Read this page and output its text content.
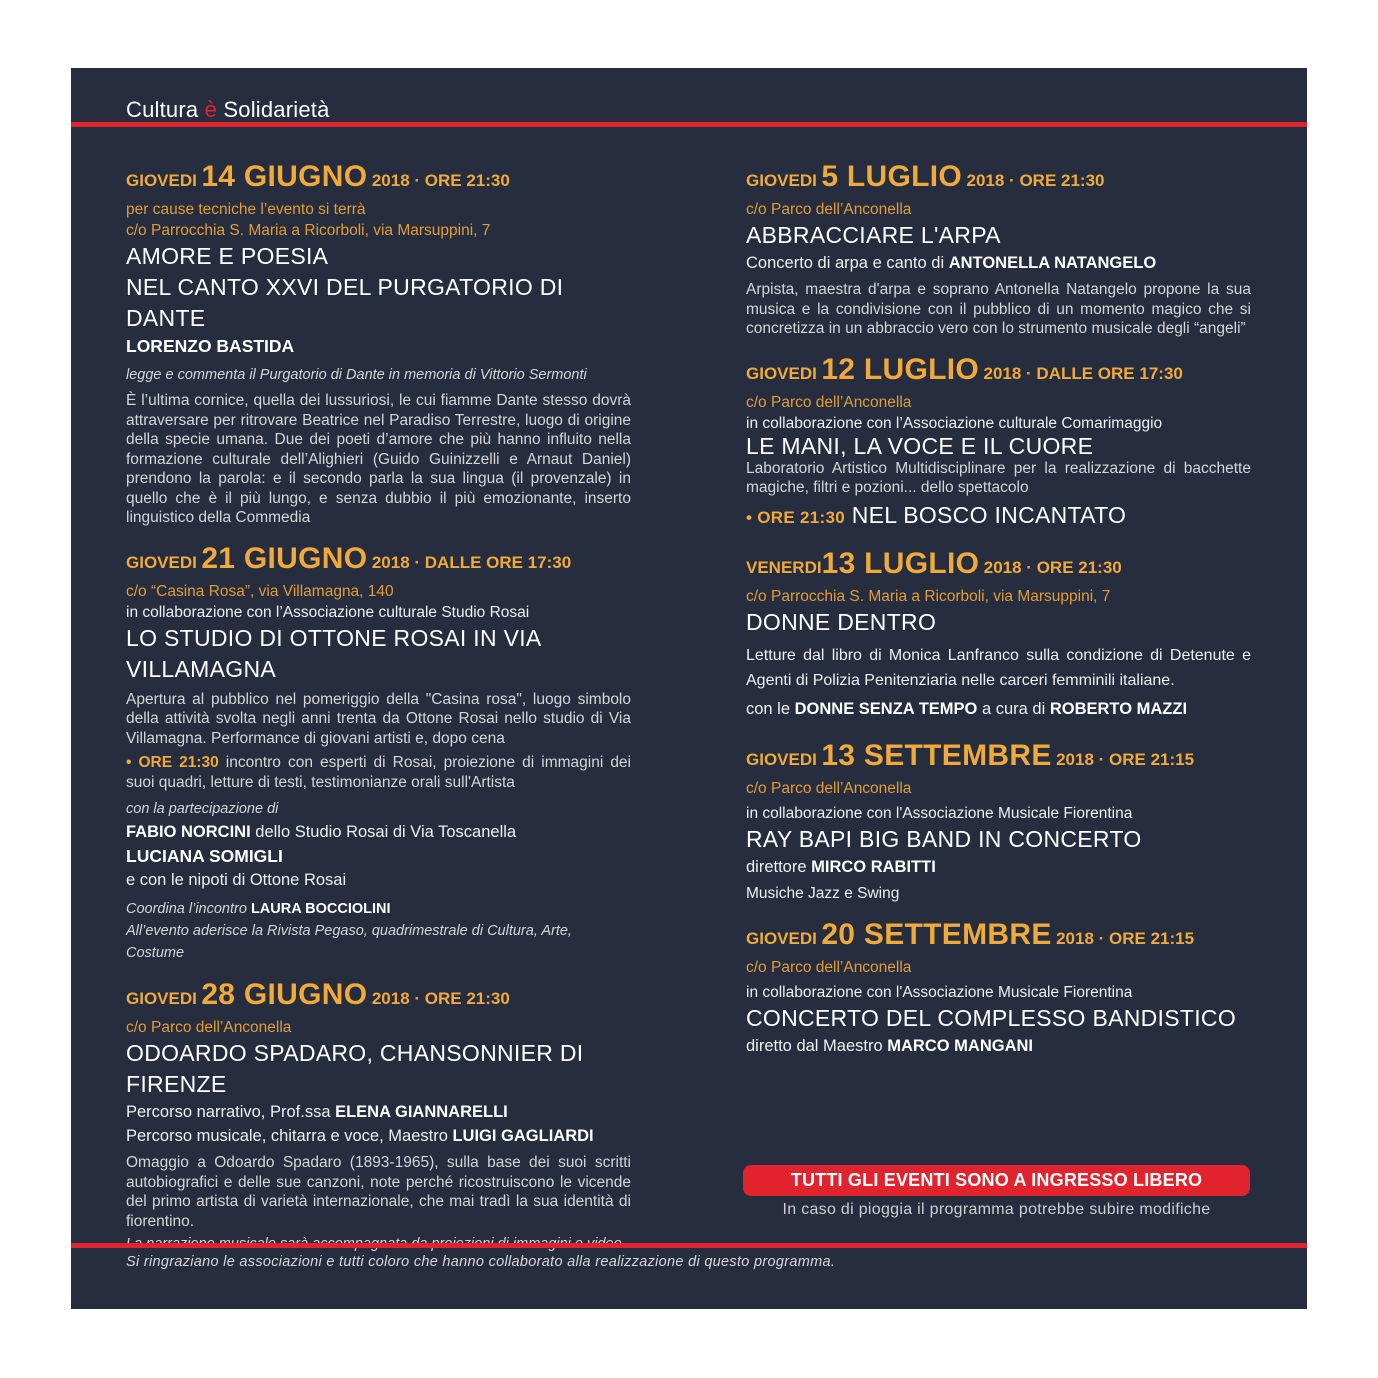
Cultura è Solidarietà
GIOVEDI 14 GIUGNO 2018 · ORE 21:30
per cause tecniche l’evento si terrà
c/o Parrocchia S. Maria a Ricorboli, via Marsuppini, 7
AMORE E POESIA
NEL CANTO XXVI DEL PURGATORIO DI DANTE
LORENZO BASTIDA
legge e commenta il Purgatorio di Dante in memoria di Vittorio Sermonti
È l’ultima cornice, quella dei lussuriosi, le cui fiamme Dante stesso dovrà attraversare per ritrovare Beatrice nel Paradiso Terrestre, luogo di origine della specie umana. Due dei poeti d’amore che più hanno influito nella formazione culturale dell’Alighieri (Guido Guinizzelli e Arnaut Daniel) prendono la parola: e il secondo parla la sua lingua (il provenzale) in quello che è il più lungo, e senza dubbio il più emozionante, inserto linguistico della Commedia
GIOVEDI 21 GIUGNO 2018 · DALLE ORE 17:30
c/o “Casina Rosa”, via Villamagna, 140
in collaborazione con l’Associazione culturale Studio Rosai
LO STUDIO DI OTTONE ROSAI IN VIA VILLAMAGNA
Apertura al pubblico nel pomeriggio della "Casina rosa", luogo simbolo della attività svolta negli anni trenta da Ottone Rosai nello studio di Via Villamagna. Performance di giovani artisti e, dopo cena
• ORE 21:30 incontro con esperti di Rosai, proiezione di immagini dei suoi quadri, letture di testi, testimonianze orali sull'Artista
con la partecipazione di
FABIO NORCINI dello Studio Rosai di Via Toscanella
LUCIANA SOMIGLI
e con le nipoti di Ottone Rosai
Coordina l’incontro LAURA BOCCIOLINI
All’evento aderisce la Rivista Pegaso, quadrimestrale di Cultura, Arte, Costume
GIOVEDI 28 GIUGNO 2018 · ORE 21:30
c/o Parco dell’Anconella
ODOARDO SPADARO, CHANSONNIER DI FIRENZE
Percorso narrativo, Prof.ssa ELENA GIANNARELLI
Percorso musicale, chitarra e voce, Maestro LUIGI GAGLIARDI
Omaggio a Odoardo Spadaro (1893-1965), sulla base dei suoi scritti autobiografici e delle sue canzoni, note perché ricostruiscono le vicende del primo artista di varietà internazionale, che mai tradì la sua identità di fiorentino.
GIOVEDI 5 LUGLIO 2018 · ORE 21:30
c/o Parco dell’Anconella
ABBRACCIARE L'ARPA
Concerto di arpa e canto di ANTONELLA NATANGELO
Arpista, maestra d'arpa e soprano Antonella Natangelo propone la sua musica e la condivisione con il pubblico di un momento magico che si concretizza in un abbraccio vero con lo strumento musicale degli “angeli”
GIOVEDI 12 LUGLIO 2018 · DALLE ORE 17:30
c/o Parco dell’Anconella
in collaborazione con l’Associazione culturale Comarimaggio
LE MANI, LA VOCE E IL CUORE
Laboratorio Artistico Multidisciplinare per la realizzazione di bacchette magiche, filtri e pozioni... dello spettacolo
• ORE 21:30 NEL BOSCO INCANTATO
VENERDI13 LUGLIO 2018 · ORE 21:30
c/o Parrocchia S. Maria a Ricorboli, via Marsuppini, 7
DONNE DENTRO
Letture dal libro di Monica Lanfranco sulla condizione di Detenute e Agenti di Polizia Penitenziaria nelle carceri femminili italiane.
con le DONNE SENZA TEMPO a cura di ROBERTO MAZZI
GIOVEDI 13 SETTEMBRE 2018 · ORE 21:15
c/o Parco dell’Anconella
in collaborazione con l'Associazione Musicale Fiorentina
RAY BAPI BIG BAND IN CONCERTO
direttore MIRCO RABITTI
Musiche Jazz e Swing
GIOVEDI 20 SETTEMBRE 2018 · ORE 21:15
c/o Parco dell’Anconella
in collaborazione con l'Associazione Musicale Fiorentina
CONCERTO DEL COMPLESSO BANDISTICO
diretto dal Maestro MARCO MANGANI
TUTTI GLI EVENTI SONO A INGRESSO LIBERO
In caso di pioggia il programma potrebbe subire modifiche
Si ringraziano le associazioni e tutti coloro che hanno collaborato alla realizzazione di questo programma.
